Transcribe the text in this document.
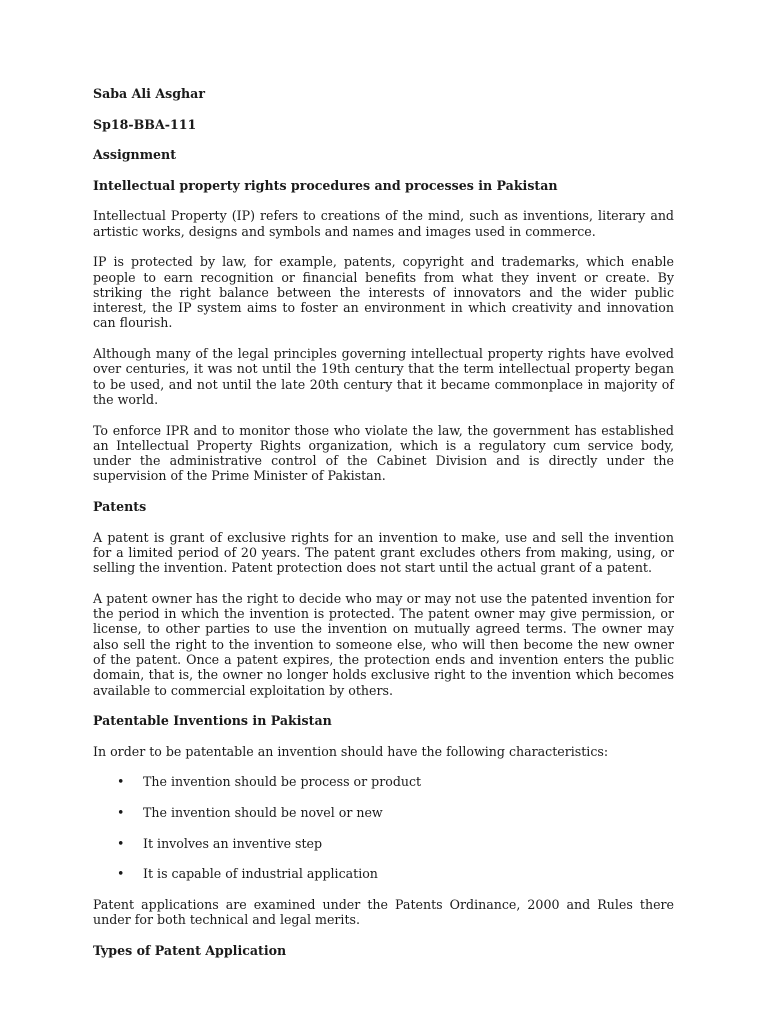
Saba Ali Asghar

Sp18-BBA-111

Assignment

Intellectual property rights procedures and processes in Pakistan

Intellectual Property (IP) refers to creations of the mind, such as inventions, literary and artistic works, designs and symbols and names and images used in commerce.

IP is protected by law, for example, patents, copyright and trademarks, which enable people to earn recognition or financial benefits from what they invent or create. By striking the right balance between the interests of innovators and the wider public interest, the IP system aims to foster an environment in which creativity and innovation can flourish.

Although many of the legal principles governing intellectual property rights have evolved over centuries, it was not until the 19th century that the term intellectual property began to be used, and not until the late 20th century that it became commonplace in majority of the world.

To enforce IPR and to monitor those who violate the law, the government has established an Intellectual Property Rights organization, which is a regulatory cum service body, under the administrative control of the Cabinet Division and is directly under the supervision of the Prime Minister of Pakistan.

Patents

A patent is grant of exclusive rights for an invention to make, use and sell the invention for a limited period of 20 years. The patent grant excludes others from making, using, or selling the invention. Patent protection does not start until the actual grant of a patent.

A patent owner has the right to decide who may or may not use the patented invention for the period in which the invention is protected. The patent owner may give permission, or license, to other parties to use the invention on mutually agreed terms. The owner may also sell the right to the invention to someone else, who will then become the new owner of the patent. Once a patent expires, the protection ends and invention enters the public domain, that is, the owner no longer holds exclusive right to the invention which becomes available to commercial exploitation by others.

Patentable Inventions in Pakistan

In order to be patentable an invention should have the following characteristics:

• The invention should be process or product
• The invention should be novel or new
• It involves an inventive step
• It is capable of industrial application

Patent applications are examined under the Patents Ordinance, 2000 and Rules there under for both technical and legal merits.

Types of Patent Application
